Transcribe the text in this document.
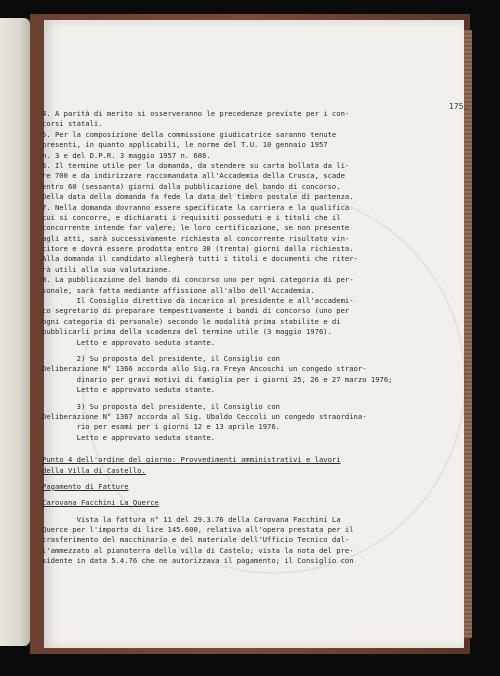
175.
4. A parità di merito si osserveranno le precedenze previste per i con-
corsi statali.
5. Per la composizione della commissione giudicatrice saranno tenute
presenti, in quanto applicabili, le norme del T.U. 10 gennaio 1957
n. 3 e del D.P.R. 3 maggio 1957 n. 686.
6. Il termine utile per la domanda, da stendere su carta bollata da li-
re 700 e da indirizzare raccomandata all'Accademia della Crusca, scade
entro 60 (sessanta) giorni dalla pubblicazione del bando di concorso.
Della data della domanda fa fede la data del timbro postale di partenza.
7. Nella domanda dovranno essere specificate la carriera e la qualifica
cui si concorre, e dichiarati i requisiti posseduti e i titoli che il
concorrente intende far valere; le loro certificazione, se non presente
agli atti, sarà successivamente richiesta al concorrente risultato vin-
citore e dovrà essere prodotta entro 30 (trenta) giorni dalla richiesta.
Alla domanda il candidato allegherà tutti i titoli e documenti che riter-
rà utili alla sua valutazione.
8. La pubblicazione del bando di concorso uno per ogni categoria di per-
sonale, sarà fatta mediante affissione all'albo dell'Accademia.
Il Consiglio direttivo dà incarico al presidente e all'accademi-
co segretario di preparare tempestivamente i bandi di concorso (uno per
ogni categoria di personale) secondo le modalità prima stabilite e di
pubblicarli prima della scadenza del termine utile (3 maggio 1976).
Letto e approvato seduta stante.
2) Su proposta del presidente, il Consiglio con
Deliberazione N° 1366 accorda allo Sig.ra Freya Ancoschi un congedo straor-
dinario per gravi motivi di famiglia per i giorni 25, 26 e 27 marzo 1976;
Letto e approvato seduta stante.
3) Su proposta del presidente, il Consiglio con
Deliberazione N° 1367 accorda al Sig. Ubaldo Ceccoli un congedo straordina-
rio per esami per i giorni 12 e 13 aprile 1976.
Letto e approvato seduta stante.
Punto 4 dell'ordine del giorno: Provvedimenti amministrativi e lavori
della Villa di Castello.
Pagamento di Fatture
Carovana Facchini La Querce
Vista la fattura n° 11 del 29.3.76 della Carovana Facchini La
Querce per l'importo di lire 145.600, relativa all'opera prestata per il
trasferimento del macchinario e del materiale dell'Ufficio Tecnico dal-
l'ammezzato al pianoterra della villa di Castelo; vista la nota del pre-
sidente in data 5.4.76 che ne autorizzava il pagamento; il Consiglio con
